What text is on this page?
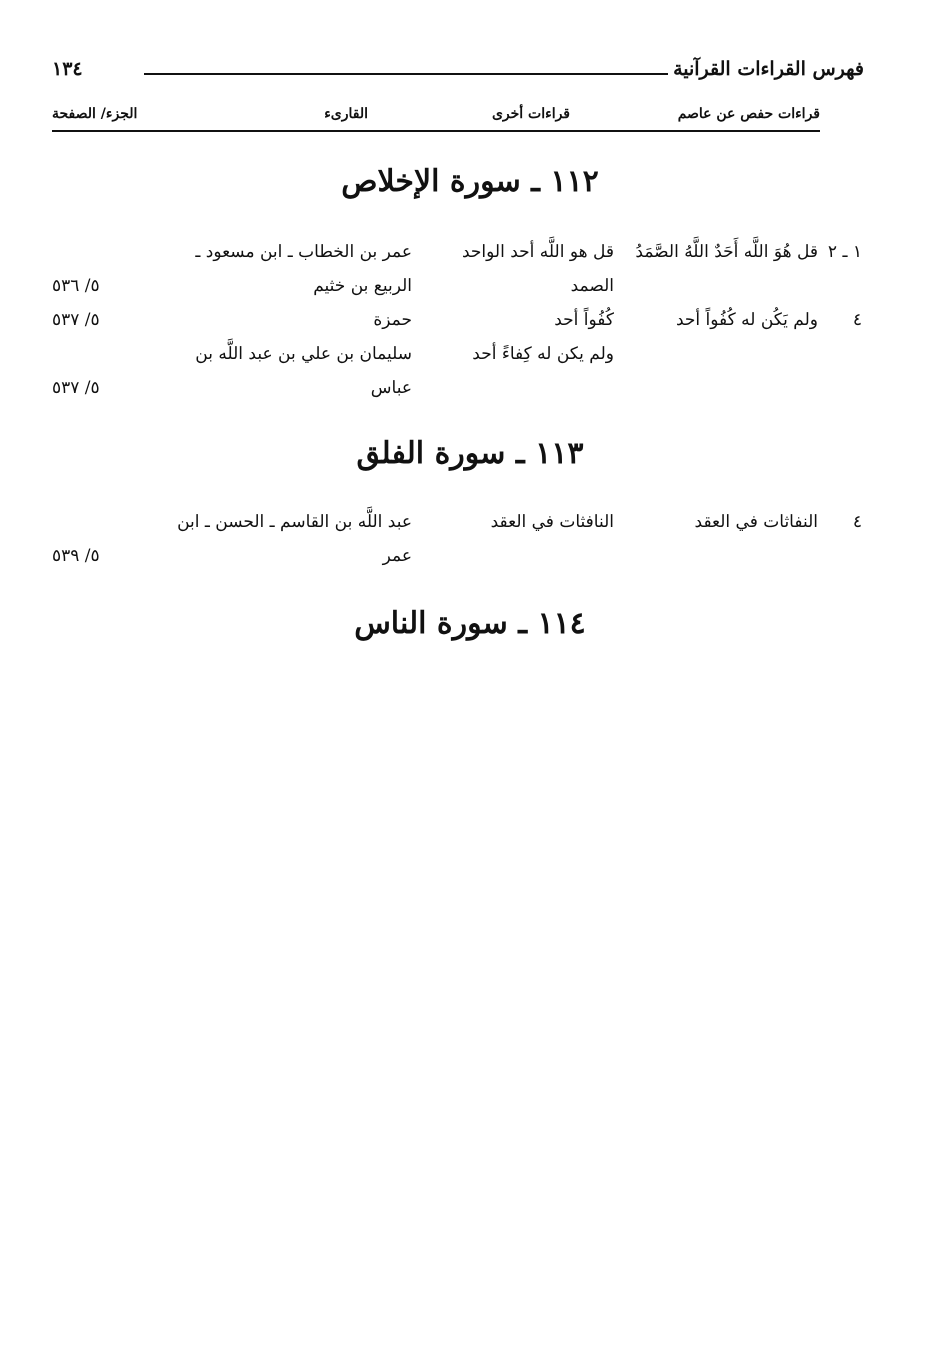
فهرس القراءات القرآنية
١٣٤
قراءات حفص عن عاصم
قراءات أخرى
القارىء
الجزء/ الصفحة
١١٢ ـ سورة الإخلاص
١ ـ ٢
قل هُوَ اللَّه أَحَدٌ اللَّهُ الصَّمَدُ
قل هو اللَّه أحد الواحد
عمر بن الخطاب ـ ابن مسعود ـ
الصمد
الربيع بن خثيم
٥/ ٥٣٦
٤
ولم يَكُن له كُفُواً أحد
كُفُواً أحد
حمزة
٥/ ٥٣٧
ولم يكن له كِفاءً أحد
سليمان بن علي بن عبد اللَّه بن
عباس
٥/ ٥٣٧
١١٣ ـ سورة الفلق
٤
النفاثات في العقد
النافثات في العقد
عبد اللَّه بن القاسم ـ الحسن ـ ابن
عمر
٥/ ٥٣٩
١١٤ ـ سورة الناس
